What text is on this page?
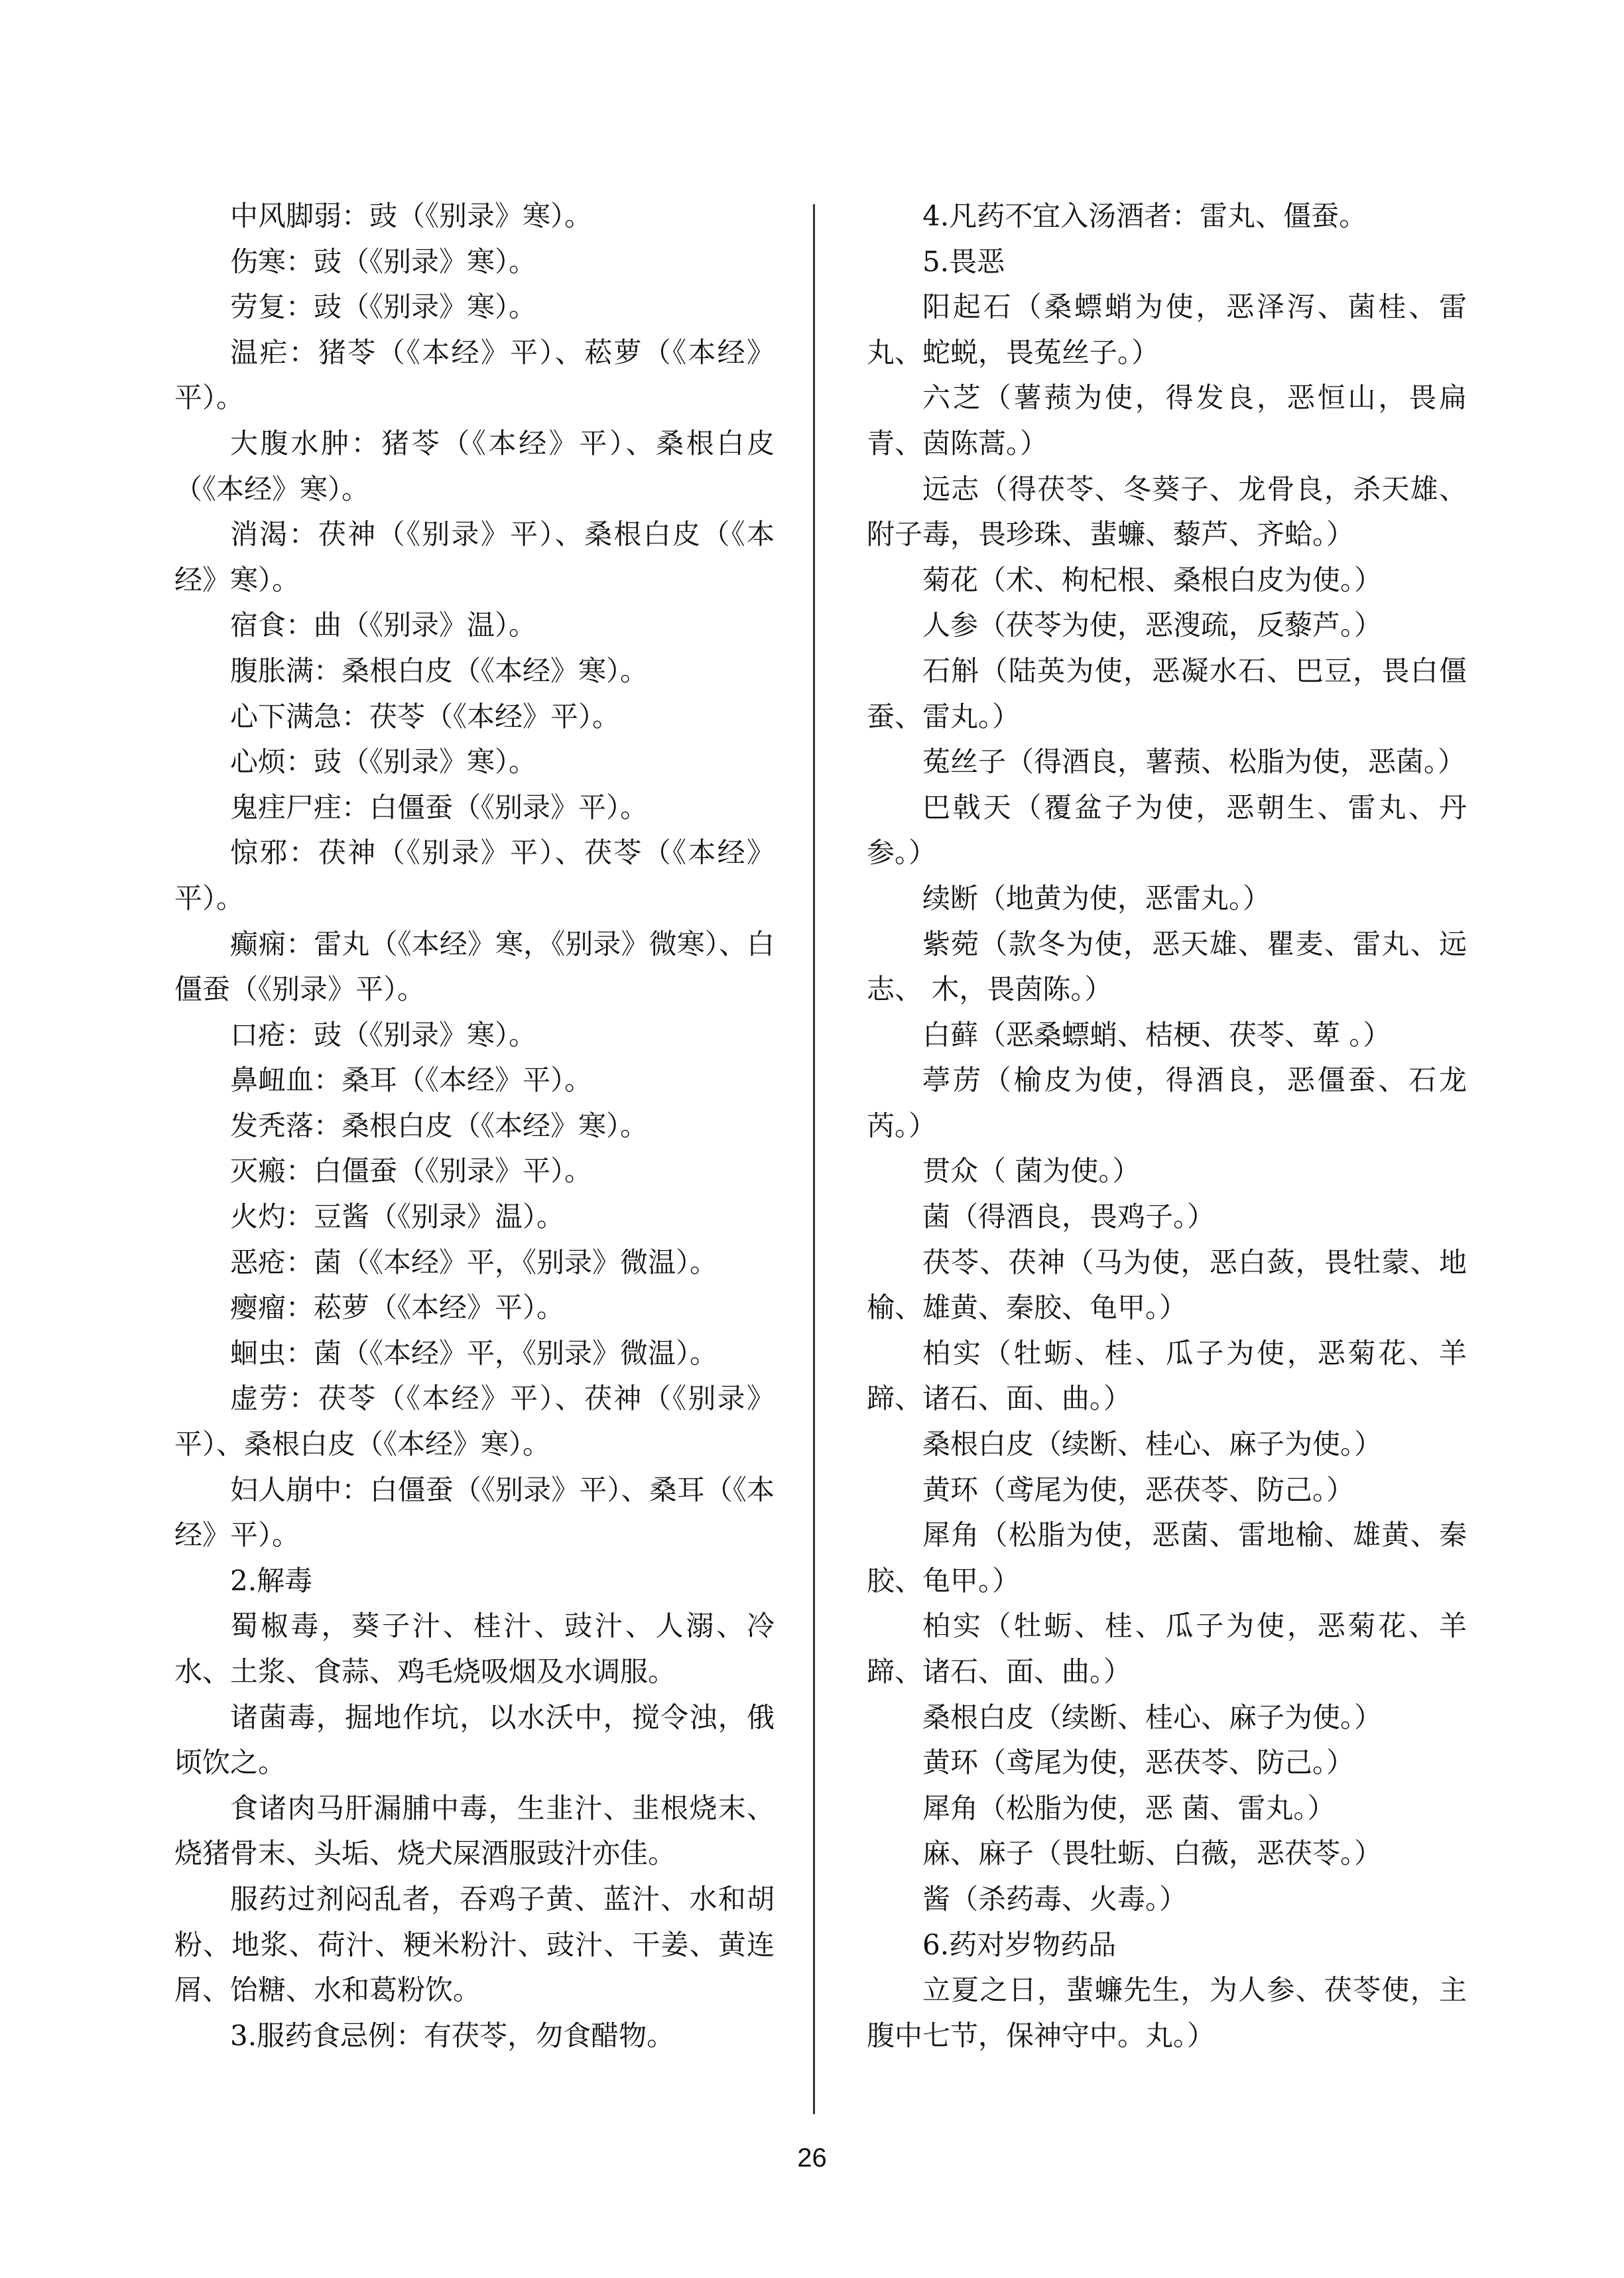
中风脚弱：豉（《别录》寒）。

伤寒：豉（《别录》寒）。

劳复：豉（《别录》寒）。

温疟：猪苓（《本经》平）、菘萝（《本经》平）。

大腹水肿：猪苓（《本经》平）、桑根白皮（《本经》寒）。

消渴：茯神（《别录》平）、桑根白皮（《本经》寒）。

宿食：曲（《别录》温）。

腹胀满：桑根白皮（《本经》寒）。

心下满急：茯苓（《本经》平）。

心烦：豉（《别录》寒）。

鬼疰尸疰：白僵蚕（《别录》平）。

惊邪：茯神（《别录》平）、茯苓（《本经》平）。

癫痫：雷丸（《本经》寒，《别录》微寒）、白僵蚕（《别录》平）。

口疮：豉（《别录》寒）。

鼻衄血：桑耳（《本经》平）。

发秃落：桑根白皮（《本经》寒）。

灭瘢：白僵蚕（《别录》平）。

火灼：豆酱（《别录》温）。

恶疮：菌（《本经》平，《别录》微温）。

瘿瘤：菘萝（《本经》平）。

蛔虫：菌（《本经》平，《别录》微温）。

虚劳：茯苓（《本经》平）、茯神（《别录》平）、桑根白皮（《本经》寒）。

妇人崩中：白僵蚕（《别录》平）、桑耳（《本经》平）。

2.解毒

蜀椒毒，葵子汁、桂汁、豉汁、人溺、冷水、土浆、食蒜、鸡毛烧吸烟及水调服。

诸菌毒，掘地作坑，以水沃中，搅令浊，俄顷饮之。

食诸肉马肝漏脯中毒，生韭汁、韭根烧末、烧猪骨末、头垢、烧犬屎酒服豉汁亦佳。

服药过剂闷乱者，吞鸡子黄、蓝汁、水和胡粉、地浆、荷汁、粳米粉汁、豉汁、干姜、黄连屑、饴糖、水和葛粉饮。

3.服药食忌例：有茯苓，勿食醋物。

4.凡药不宜入汤酒者：雷丸、僵蚕。

5.畏恶

阳起石（桑螵蛸为使，恶泽泻、菌桂、雷丸、蛇蜕，畏菟丝子。）

六芝（薯蓣为使，得发良，恶恒山，畏扁青、茵陈蒿。）

远志（得茯苓、冬葵子、龙骨良，杀天雄、附子毒，畏珍珠、蜚蠊、藜芦、齐蛤。）

菊花（术、枸杞根、桑根白皮为使。）

人参（茯苓为使，恶溲疏，反藜芦。）

石斛（陆英为使，恶凝水石、巴豆，畏白僵蚕、雷丸。）

菟丝子（得酒良，薯蓣、松脂为使，恶菌。）

巴戟天（覆盆子为使，恶朝生、雷丸、丹参。）

续断（地黄为使，恶雷丸。）

紫菀（款冬为使，恶天雄、瞿麦、雷丸、远志、 木，畏茵陈。）

白藓（恶桑螵蛸、桔梗、茯苓、萆 。）

葶苈（榆皮为使，得酒良，恶僵蚕、石龙芮。）

贯众（ 菌为使。）

菌（得酒良，畏鸡子。）

茯苓、茯神（马为使，恶白蔹，畏牡蒙、地榆、雄黄、秦胶、龟甲。）

柏实（牡蛎、桂、瓜子为使，恶菊花、羊蹄、诸石、面、曲。）

桑根白皮（续断、桂心、麻子为使。）

黄环（鸢尾为使，恶茯苓、防己。）

犀角（松脂为使，恶菌、雷地榆、雄黄、秦胶、龟甲。）

柏实（牡蛎、桂、瓜子为使，恶菊花、羊蹄、诸石、面、曲。）

桑根白皮（续断、桂心、麻子为使。）

黄环（鸢尾为使，恶茯苓、防己。）

犀角（松脂为使，恶 菌、雷丸。）

麻、麻子（畏牡蛎、白薇，恶茯苓。）

酱（杀药毒、火毒。）

6.药对岁物药品

立夏之日，蜚蠊先生，为人参、茯苓使，主腹中七节，保神守中。丸。）

26
